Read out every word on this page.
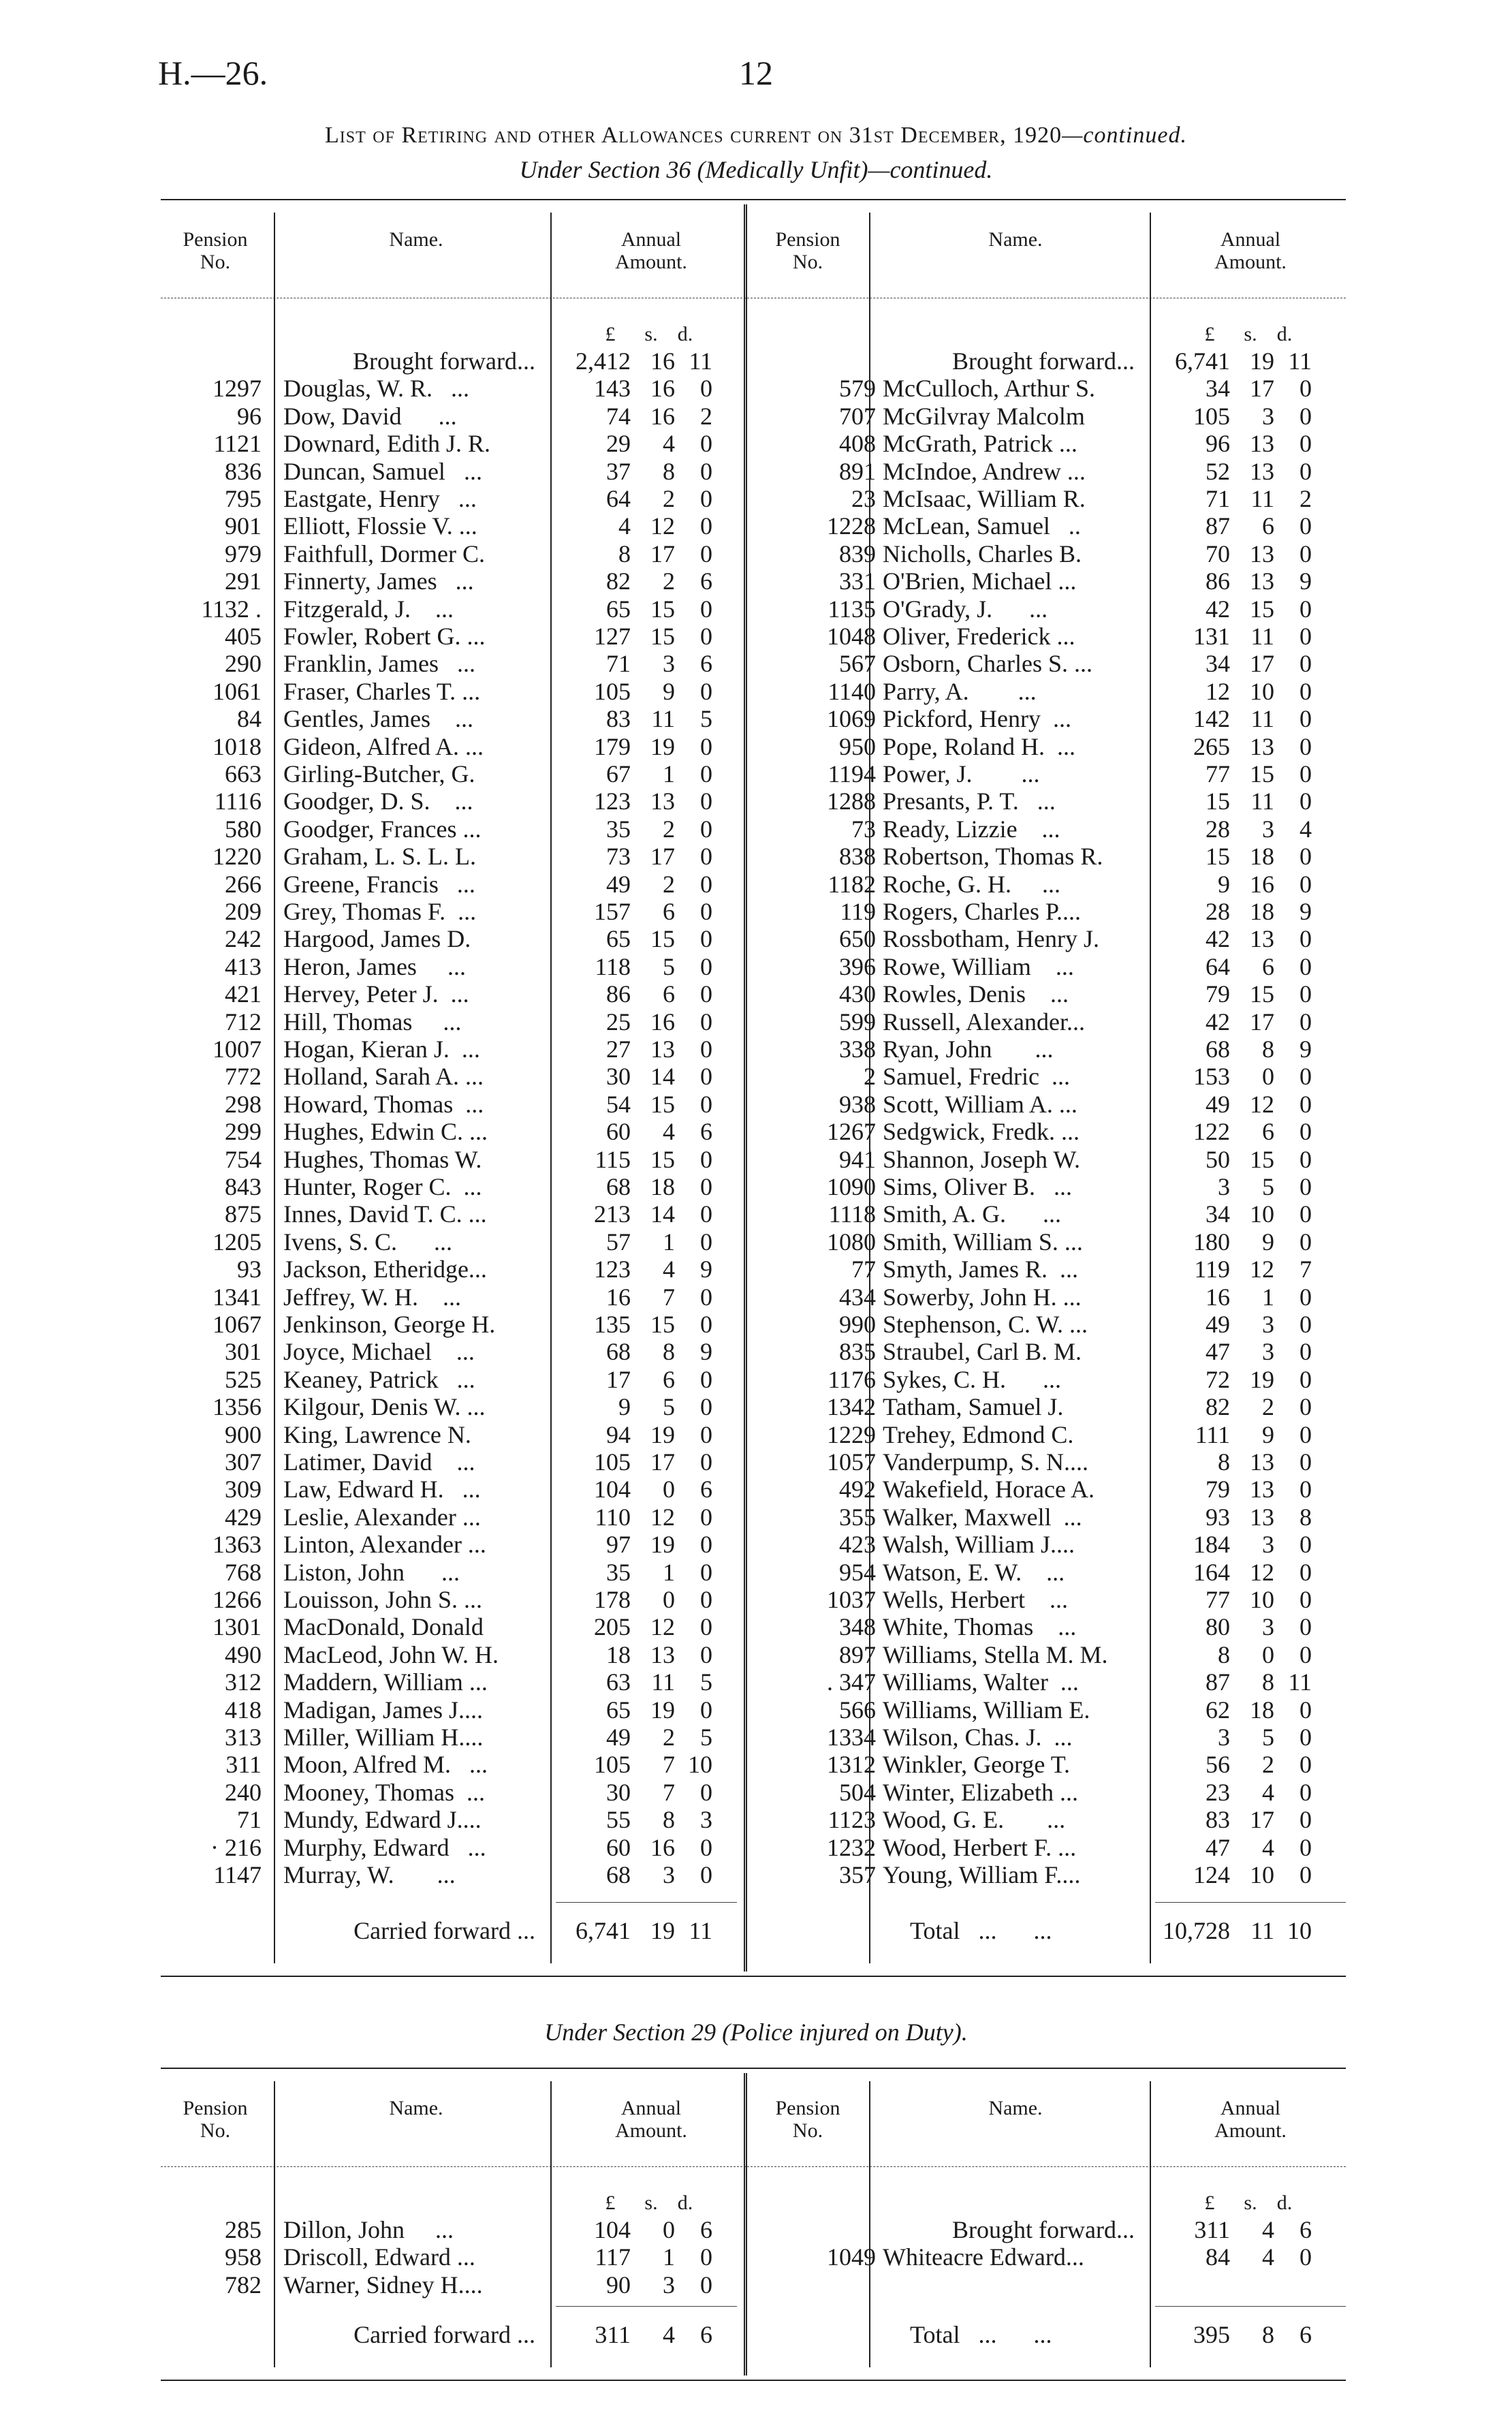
H.—26.	12
List of Retiring and other Allowances current on 31st December, 1920—continued.
Under Section 36 (Medically Unfit)—continued.
Pension No.
Name.	Annual Amount.
Pension No.
Name.	Annual Amount.
£	s. d.	£	s. d.
Brought forward...	2,412 16 11
1297 Douglas, W. R.   ...	143 16	0
96 Dow, David      ...	74 16	2
1121 Downard, Edith J. R.	29	4	0
836 Duncan, Samuel   ...	37	8	0
795 Eastgate, Henry   ...	64	2	0
901 Elliott, Flossie V. ...	4 12	0
979 Faithfull, Dormer C.	8 17	0
291 Finnerty, James   ...	82	2	6
1132 . Fitzgerald, J.    ...	65 15	0
405 Fowler, Robert G. ...	127 15	0
290 Franklin, James   ...	71	3	6
1061 Fraser, Charles T. ...	105	9	0
84 Gentles, James    ...	83 11	5
1018 Gideon, Alfred A. ...	179 19	0
663 Girling-Butcher, G.	67	1	0
1116 Goodger, D. S.    ...	123 13	0
580 Goodger, Frances ...	35	2	0
1220 Graham, L. S. L. L.	73 17	0
266 Greene, Francis   ...	49	2	0
209 Grey, Thomas F.  ...	157	6	0
242 Hargood, James D.	65 15	0
413 Heron, James     ...	118	5	0
421 Hervey, Peter J.  ...	86	6	0
712 Hill, Thomas     ...	25 16	0
1007 Hogan, Kieran J.  ...	27 13	0
772 Holland, Sarah A. ...	30 14	0
298 Howard, Thomas  ...	54 15	0
299 Hughes, Edwin C. ...	60	4	6
754 Hughes, Thomas W.	115 15	0
843 Hunter, Roger C.  ...	68 18	0
875 Innes, David T. C. ...	213 14	0
1205 Ivens, S. C.      ...	57	1	0
93 Jackson, Etheridge...	123	4	9
1341 Jeffrey, W. H.    ...	16	7	0
1067 Jenkinson, George H.	135 15	0
301 Joyce, Michael    ...	68	8	9
525 Keaney, Patrick   ...	17	6	0
1356 Kilgour, Denis W. ...	9	5	0
900 King, Lawrence N.	94 19	0
307 Latimer, David    ...	105 17	0
309 Law, Edward H.   ...	104	0	6
429 Leslie, Alexander ...	110 12	0
1363 Linton, Alexander ...	97 19	0
768 Liston, John      ...	35	1	0
1266 Louisson, John S. ...	178	0	0
1301 MacDonald, Donald	205 12	0
490 MacLeod, John W. H.	18 13	0
312 Maddern, William ...	63 11	5
418 Madigan, James J....	65 19	0
313 Miller, William H....	49	2	5
311 Moon, Alfred M.   ...	105	7 10
240 Mooney, Thomas  ...	30	7	0
71 Mundy, Edward J....	55	8	3
· 216 Murphy, Edward   ...	60 16	0
1147 Murray, W.       ...	68	3	0
Carried forward ...	6,741 19 11
Brought forward...	6,741 19 11
579 McCulloch, Arthur S.	34 17	0
707 McGilvray Malcolm	105	3	0
408 McGrath, Patrick ...	96 13	0
891 McIndoe, Andrew ...	52 13	0
23 McIsaac, William R.	71 11	2
1228 McLean, Samuel   ..	87	6	0
839 Nicholls, Charles B.	70 13	0
331 O'Brien, Michael ...	86 13	9
1135 O'Grady, J.      ...	42 15	0
1048 Oliver, Frederick ...	131 11	0
567 Osborn, Charles S. ...	34 17	0
1140 Parry, A.        ...	12 10	0
1069 Pickford, Henry  ...	142 11	0
950 Pope, Roland H.  ...	265 13	0
1194 Power, J.        ...	77 15	0
1288 Presants, P. T.   ...	15 11	0
73 Ready, Lizzie    ...	28	3	4
838 Robertson, Thomas R.	15 18	0
1182 Roche, G. H.     ...	9 16	0
119 Rogers, Charles P....	28 18	9
650 Rossbotham, Henry J.	42 13	0
396 Rowe, William    ...	64	6	0
430 Rowles, Denis    ...	79 15	0
599 Russell, Alexander...	42 17	0
338 Ryan, John       ...	68	8	9
2 Samuel, Fredric  ...	153	0	0
938 Scott, William A. ...	49 12	0
1267 Sedgwick, Fredk. ...	122	6	0
941 Shannon, Joseph W.	50 15	0
1090 Sims, Oliver B.   ...	3	5	0
1118 Smith, A. G.      ...	34 10	0
1080 Smith, William S. ...	180	9	0
77 Smyth, James R.  ...	119 12	7
434 Sowerby, John H. ...	16	1	0
990 Stephenson, C. W. ...	49	3	0
835 Straubel, Carl B. M.	47	3	0
1176 Sykes, C. H.      ...	72 19	0
1342 Tatham, Samuel J.	82	2	0
1229 Trehey, Edmond C.	111	9	0
1057 Vanderpump, S. N....	8 13	0
492 Wakefield, Horace A.	79 13	0
355 Walker, Maxwell  ...	93 13	8
423 Walsh, William J....	184	3	0
954 Watson, E. W.    ...	164 12	0
1037 Wells, Herbert    ...	77 10	0
348 White, Thomas    ...	80	3	0
897 Williams, Stella M. M.	8	0	0
. 347 Williams, Walter  ...	87	8 11
566 Williams, William E.	62 18	0
1334 Wilson, Chas. J.  ...	3	5	0
1312 Winkler, George T.	56	2	0
504 Winter, Elizabeth ...	23	4	0
1123 Wood, G. E.       ...	83 17	0
1232 Wood, Herbert F. ...	47	4	0
357 Young, William F....	124 10	0
Total   ...      ...	10,728 11 10
Under Section 29 (Police injured on Duty).
Pension No.
Name.	Annual Amount.
Pension No.
Name.	Annual Amount.
£	s. d.	£	s. d.
285 Dillon, John     ...	104	0	6
958 Driscoll, Edward ...	117	1	0
782 Warner, Sidney H....	90	3	0
Carried forward ...	311	4	6
Brought forward...	311	4	6
1049 Whiteacre Edward...	84	4	0
Total   ...      ...	395	8	6
